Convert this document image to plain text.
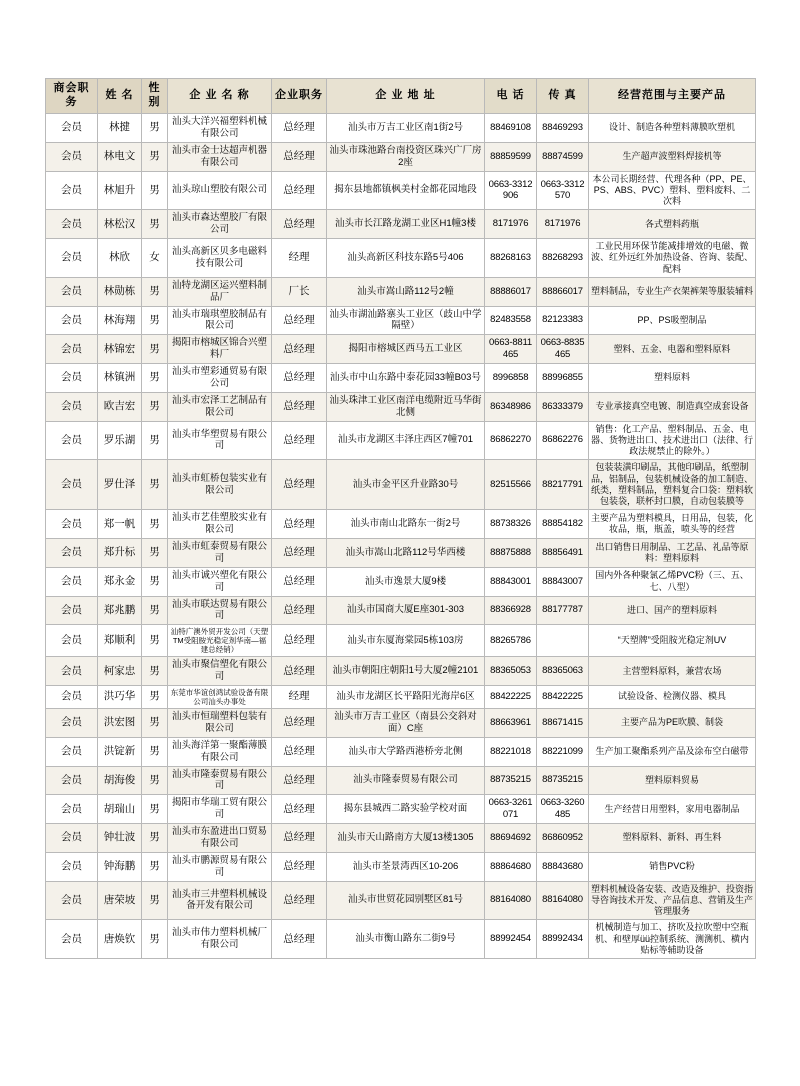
商会职务	姓 名	性别	企 业 名 称	企业职务	企 业 地 址	电 话	传 真	经营范围与主要产品
会员	林揵	男	汕头大洋兴福塑料机械有限公司	总经理	汕头市万吉工业区南1街2号	88469108	88469293	设计、制造各种塑料薄膜吹塑机
会员	林电文	男	汕头市金士达超声机器有限公司	总经理	汕头市珠池路台南投资区珠兴广厂房2座	88859599	88874599	生产超声波塑料焊接机等
会员	林旭升	男	汕头琼山塑胶有限公司	总经理	揭东县地都镇枫美村金都花园地段	0663-3312906	0663-3312570	本公司长期经营、代理各种（PP、PE、PS、ABS、PVC）塑料、塑料废料、二次料
会员	林松汉	男	汕头市森达塑胶厂有限公司	总经理	汕头市长江路龙湖工业区H1幢3楼	8171976	8171976	各式塑料药瓶
会员	林欣	女	汕头高新区贝多电磁料技有限公司	经理	汕头高新区科技东路5号406	88268163	88268293	工业民用环保节能减排增效的电磁、微波、红外远红外加热设备、咨询、装配、配料
会员	林勋栋	男	汕特龙湖区运兴塑料制品厂	厂长	汕头市嵩山路112号2幢	88886017	88866017	塑料制品，专业生产衣架裤架等服装辅料
会员	林海翔	男	汕头市瑞琪塑胶制品有限公司	总经理	汕头市湖汕路寨头工业区（歧山中学隔壁）	82483558	82123383	PP、PS吸塑制品
会员	林锦宏	男	揭阳市榕城区锦合兴塑料厂	总经理	揭阳市榕城区西马五工业区	0663-8811465	0663-8835465	塑料、五金、电器和塑料原料
会员	林镇洲	男	汕头市塑彩通贸易有限公司	总经理	汕头市中山东路中泰花园33幢B03号	8996858	88996855	塑料原料
会员	欧吉宏	男	汕头市宏泽工艺制品有限公司	总经理	汕头珠津工业区南洋电缆附近马华街北侧	86348986	86333379	专业承接真空电镀、制造真空成套设备
会员	罗乐湖	男	汕头市华塑贸易有限公司	总经理	汕头市龙湖区丰泽庄西区7幢701	86862270	86862276	销售：化工产品、塑料制品、五金、电器、货物进出口、技术进出口（法律、行政法规禁止的除外。）
会员	罗仕泽	男	汕头市虹桥包装实业有限公司	总经理	汕头市金平区升业路30号	82515566	88217791	包装装潢印刷品，其他印刷品，纸塑制品，铝制品，包装机械设备的加工制造、纸类，塑料制品，塑料复合口袋：塑料软包装袋，联杯封口膜，自动包装膜等
会员	郑一帆	男	汕头市艺佳塑胶实业有限公司	总经理	汕头市南山北路东一街2号	88738326	88854182	主要产品为塑料模具，日用品，包装，化妆品，瓶，瓶盖，喷头等的经营
会员	郑升标	男	汕头市虹泰贸易有限公司	总经理	汕头市嵩山北路112号华西楼	88875888	88856491	出口销售日用制品、工艺品、礼品等原料：塑料原料
会员	郑永金	男	汕头市诚兴塑化有限公司	总经理	汕头市逸景大厦9楼	88843001	88843007	国内外各种聚氯乙烯PVC粉（三、五、七、八型）
会员	郑兆鹏	男	汕头市联达贸易有限公司	总经理	汕头市国商大厦E座301-303	88366928	88177787	进口、国产的塑料原料
会员	郑顺利	男	汕特广澳外贸开发公司（天塑TM受阻胺光稳定剂华南—福建总经销）	总经理	汕头市东厦海棠园5栋103房	88265786		“天塑牌”受阻胺光稳定剂UV
会员	柯家忠	男	汕头市聚信塑化有限公司	总经理	汕头市朝阳庄朝阳1号大厦2幢2101	88365053	88365063	主营塑料原料，兼营农场
会员	洪巧华	男	东莞市华谊创鸿试验设备有限公司汕头办事处	经理	汕头市龙湖区长平路阳光海岸6区	88422225	88422225	试验设备、检测仪器、模具
会员	洪宏图	男	汕头市恒瑞塑料包装有限公司	总经理	汕头市万吉工业区（南县公交斜对面）C座	88663961	88671415	主要产品为PE吹膜、制袋
会员	洪锭新	男	汕头海洋第一聚酯薄膜有限公司	总经理	汕头市大学路西港桥旁北侧	88221018	88221099	生产加工聚酯系列产品及涂布空白磁带
会员	胡海俊	男	汕头市隆泰贸易有限公司	总经理	汕头市隆泰贸易有限公司	88735215	88735215	塑料原料贸易
会员	胡瑞山	男	揭阳市华瑞工贸有限公司	总经理	揭东县城西二路实验学校对面	0663-3261071	0663-3260485	生产经营日用塑料，家用电器制品
会员	钟壮波	男	汕头市东盈进出口贸易有限公司	总经理	汕头市天山路南方大厦13楼1305	88694692	86860952	塑料原料、新料、再生料
会员	钟海鹏	男	汕头市鹏源贸易有限公司	总经理	汕头市荃景湾西区10-206	88864680	88843680	销售PVC粉
会员	唐荣坡	男	汕头市三井塑料机械设备开发有限公司	总经理	汕头市世贸花园别墅区81号	88164080	88164080	塑料机械设备安装、改造及维护、投资指导咨询技术开发、产品信息、营销及生产管理服务
会员	唐焕钦	男	汕头市伟力塑料机械厂有限公司	总经理	汕头市衡山路东二街9号	88992454	88992434	机械制造与加工、挤吹及拉吹塑中空瓶机、和壁厚üü控制系统、测测机、横内贴标等辅助设备
